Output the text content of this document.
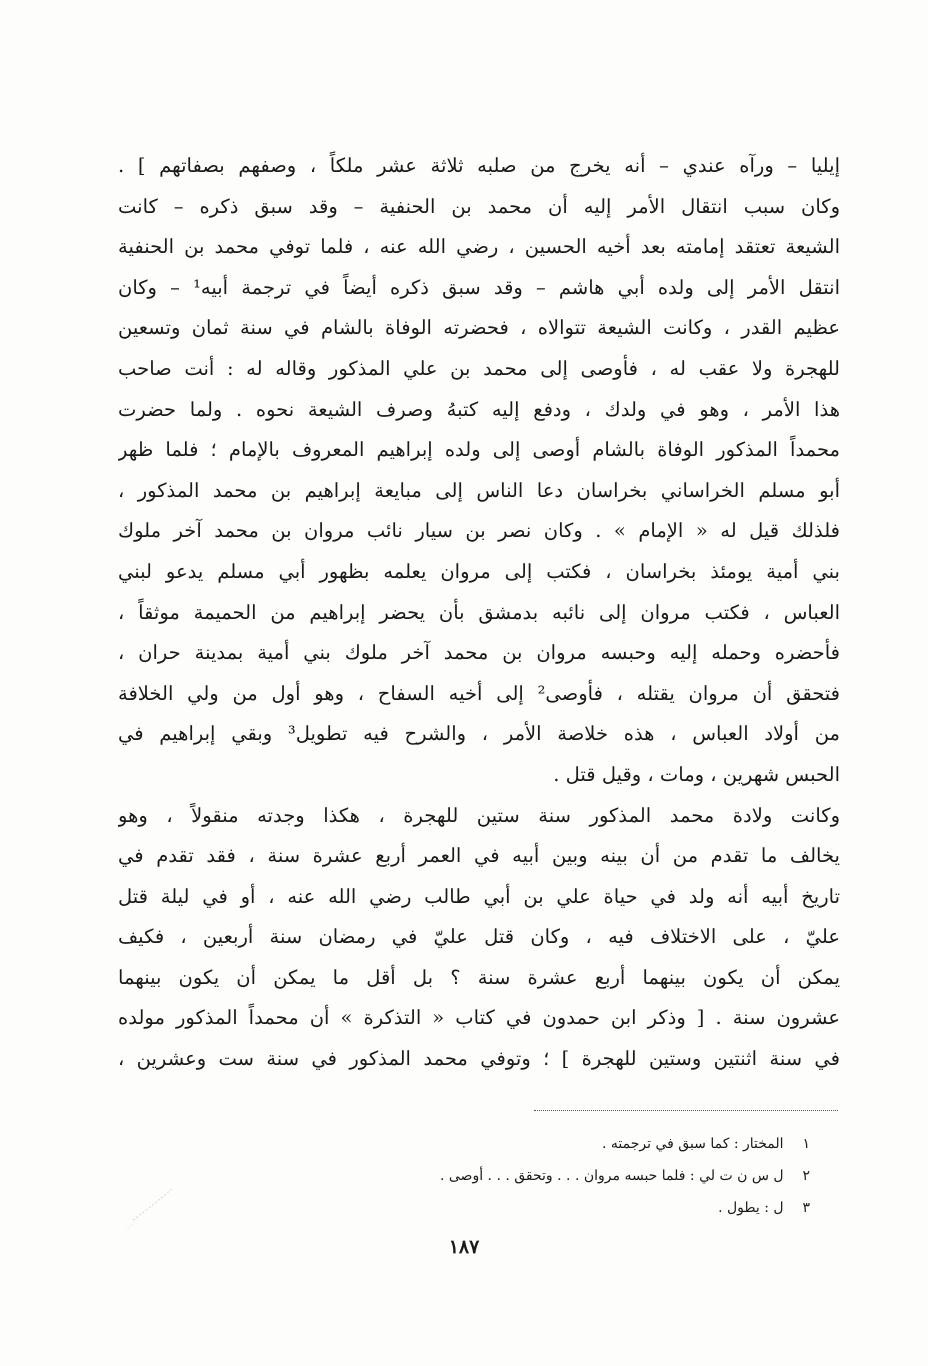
إيليا – ورآه عندي – أنه يخرج من صلبه ثلاثة عشر ملكاً ، وصفهم بصفاتهم ] .
وكان سبب انتقال الأمر إليه أن محمد بن الحنفية – وقد سبق ذكره – كانت
الشيعة تعتقد إمامته بعد أخيه الحسين ، رضي الله عنه ، فلما توفي محمد بن الحنفية
انتقل الأمر إلى ولده أبي هاشم – وقد سبق ذكره أيضاً في ترجمة أبيه¹ – وكان
عظيم القدر ، وكانت الشيعة تتوالاه ، فحضرته الوفاة بالشام في سنة ثمان وتسعين
للهجرة ولا عقب له ، فأوصى إلى محمد بن علي المذكور وقاله له : أنت صاحب
هذا الأمر ، وهو في ولدك ، ودفع إليه كتبهُ وصرف الشيعة نحوه . ولما حضرت
محمداً المذكور الوفاة بالشام أوصى إلى ولده إبراهيم المعروف بالإمام ؛ فلما ظهر
أبو مسلم الخراساني بخراسان دعا الناس إلى مبايعة إبراهيم بن محمد المذكور ،
فلذلك قيل له « الإمام » . وكان نصر بن سيار نائب مروان بن محمد آخر ملوك
بني أمية يومئذ بخراسان ، فكتب إلى مروان يعلمه بظهور أبي مسلم يدعو لبني
العباس ، فكتب مروان إلى نائبه بدمشق بأن يحضر إبراهيم من الحميمة موثقاً ،
فأحضره وحمله إليه وحبسه مروان بن محمد آخر ملوك بني أمية بمدينة حران ،
فتحقق أن مروان يقتله ، فأوصى² إلى أخيه السفاح ، وهو أول من ولي الخلافة
من أولاد العباس ، هذه خلاصة الأمر ، والشرح فيه تطويل³ وبقي إبراهيم في
الحبس شهرين ، ومات ، وقيل قتل .
وكانت ولادة محمد المذكور سنة ستين للهجرة ، هكذا وجدته منقولاً ، وهو
يخالف ما تقدم من أن بينه وبين أبيه في العمر أربع عشرة سنة ، فقد تقدم في
تاريخ أبيه أنه ولد في حياة علي بن أبي طالب رضي الله عنه ، أو في ليلة قتل
عليّ ، على الاختلاف فيه ، وكان قتل عليّ في رمضان سنة أربعين ، فكيف
يمكن أن يكون بينهما أربع عشرة سنة ؟ بل أقل ما يمكن أن يكون بينهما
عشرون سنة . [ وذكر ابن حمدون في كتاب « التذكرة » أن محمداً المذكور مولده
في سنة اثنتين وستين للهجرة ] ؛ وتوفي محمد المذكور في سنة ست وعشرين ،
١ المختار : كما سبق في ترجمته .
٢ ل س ن ت لي : فلما حبسه مروان . . . وتحقق . . . أوصى .
٣ ل : يطول .
١٨٧
